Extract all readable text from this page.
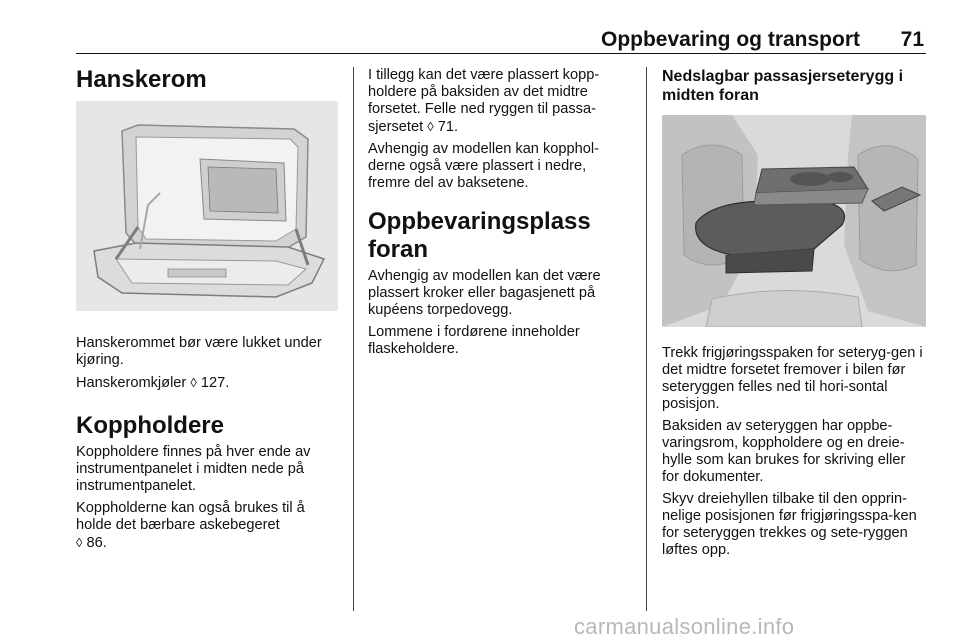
Oppbevaring og transport	71
Hanskerom

Hanskerommet bør være lukket under kjøring.

Hanskeromkjøler ◊ 127.

Koppholdere

Koppholdere finnes på hver ende av instrumentpanelet i midten nede på instrumentpanelet.

Koppholderne kan også brukes til å holde det bærbare askebegeret
◊ 86.

I tillegg kan det være plassert kopp-holdere på baksiden av det midtre forsetet. Felle ned ryggen til passa-sjersetet ◊ 71.

Avhengig av modellen kan kopphol-derne også være plassert i nedre, fremre del av baksetene.

Oppbevaringsplass foran

Avhengig av modellen kan det være plassert kroker eller bagasjenett på kupéens torpedovegg.

Lommene i fordørene inneholder flaskeholdere.

Nedslagbar passasjerseterygg i midten foran

Trekk frigjøringsspaken for seteryg-gen i det midtre forsetet fremover i bilen før seteryggen felles ned til hori-sontal posisjon.

Baksiden av seteryggen har oppbe-varingsrom, koppholdere og en dreie-hylle som kan brukes for skriving eller for dokumenter.

Skyv dreiehyllen tilbake til den opprin-nelige posisjonen før frigjøringsspa-ken for seteryggen trekkes og sete-ryggen løftes opp.

carmanualsonline.info
